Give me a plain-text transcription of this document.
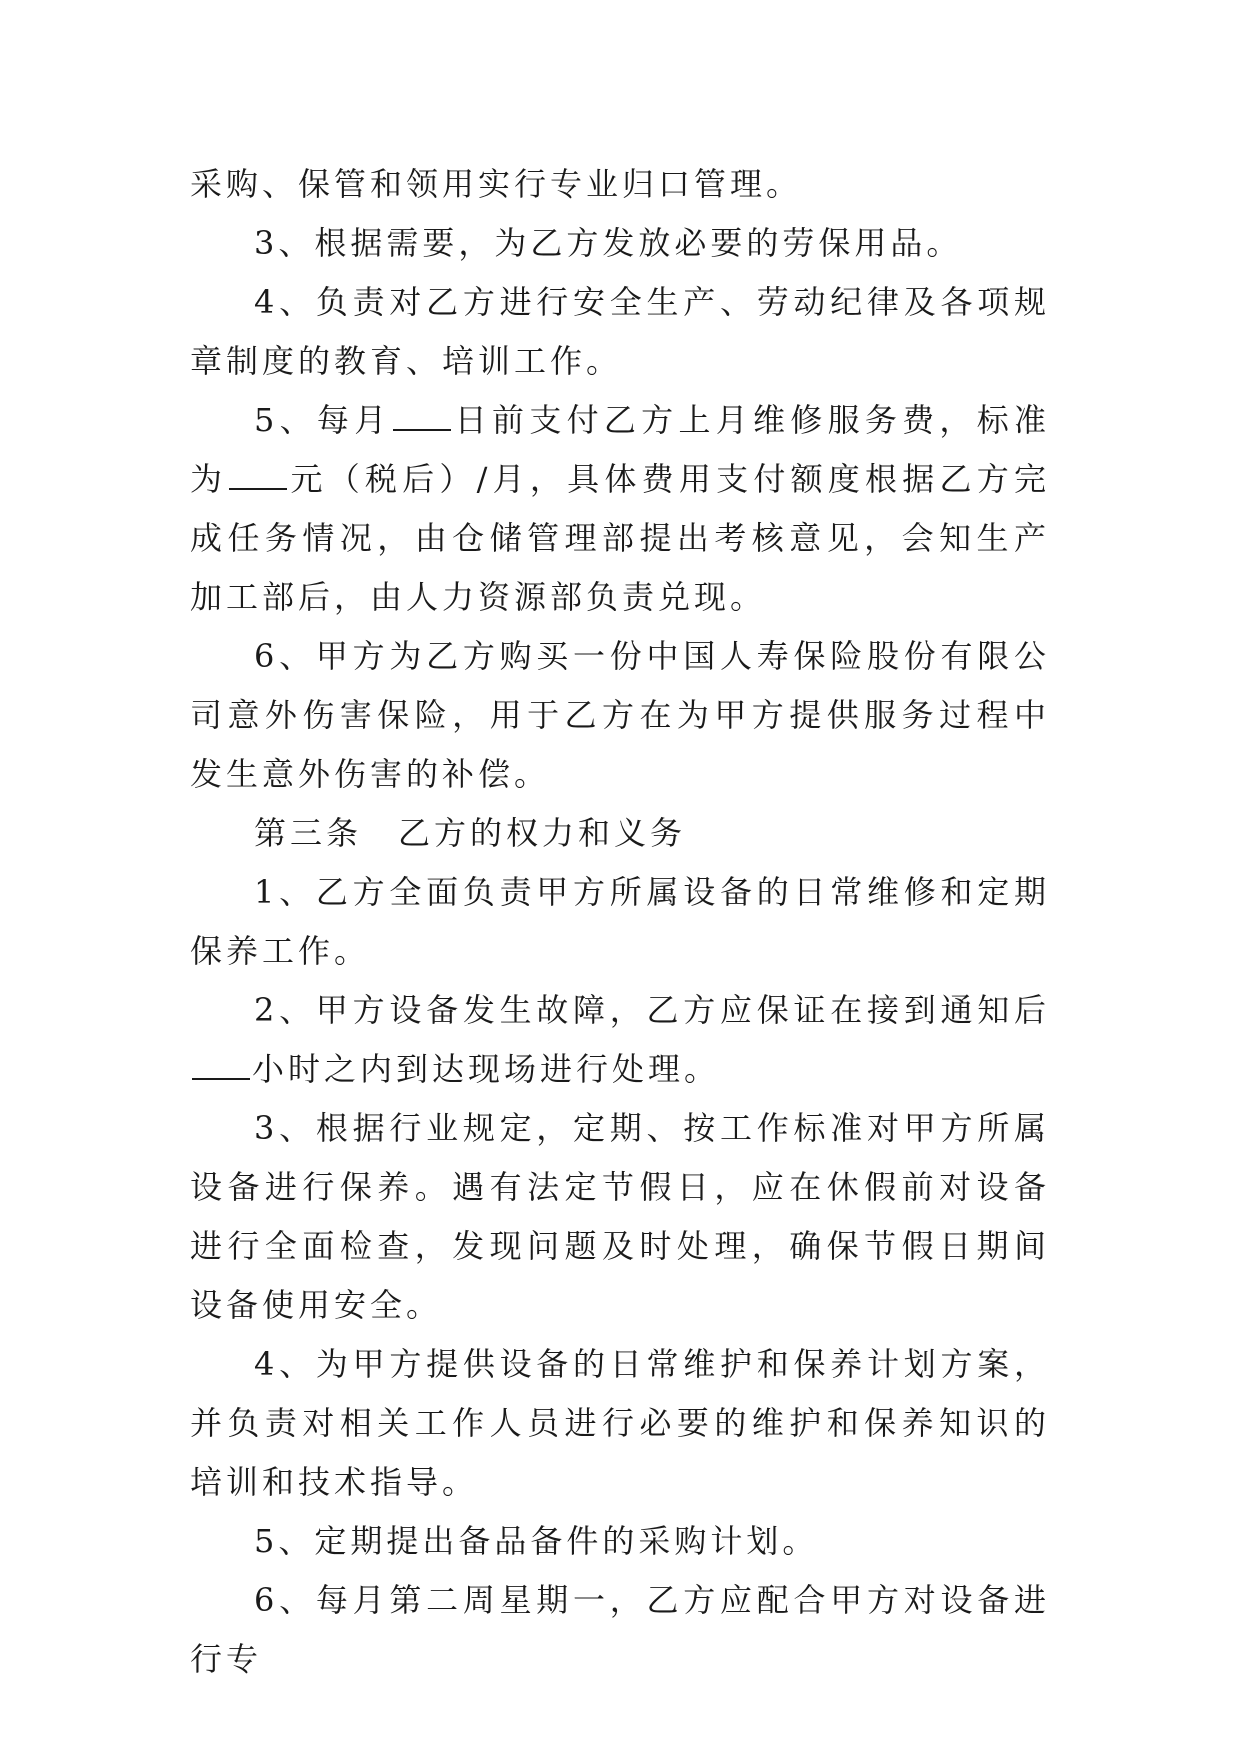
采购、保管和领用实行专业归口管理。

3、根据需要，为乙方发放必要的劳保用品。

4、负责对乙方进行安全生产、劳动纪律及各项规章制度的教育、培训工作。

5、每月 日前支付乙方上月维修服务费，标准为 元（税后）/月，具体费用支付额度根据乙方完成任务情况，由仓储管理部提出考核意见，会知生产加工部后，由人力资源部负责兑现。

6、甲方为乙方购买一份中国人寿保险股份有限公司意外伤害保险，用于乙方在为甲方提供服务过程中发生意外伤害的补偿。

第三条　乙方的权力和义务

1、乙方全面负责甲方所属设备的日常维修和定期保养工作。

2、甲方设备发生故障，乙方应保证在接到通知后小时之内到达现场进行处理。

3、根据行业规定，定期、按工作标准对甲方所属设备进行保养。遇有法定节假日，应在休假前对设备进行全面检查，发现问题及时处理，确保节假日期间设备使用安全。

4、为甲方提供设备的日常维护和保养计划方案，并负责对相关工作人员进行必要的维护和保养知识的培训和技术指导。

5、定期提出备品备件的采购计划。

6、每月第二周星期一，乙方应配合甲方对设备进行专
